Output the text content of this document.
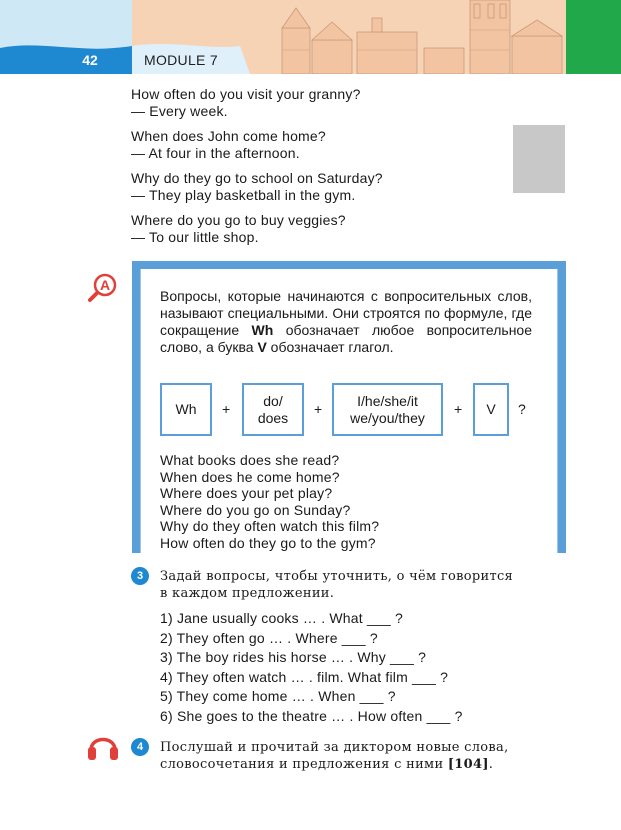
42	MODULE 7
How often do you visit your granny?
— Every week.
When does John come home?
— At four in the afternoon.
Why do they go to school on Saturday?
— They play basketball in the gym.
Where do you go to buy veggies?
— To our little shop.
A
Вопросы, которые начинаются с вопросительных слов, называют специальными. Они строятся по формуле, где сокращение Wh обозначает любое вопросительное слово, а буква V обозначает глагол.
Wh +
do/
does
+
I/he/she/it
we/you/they
+ V ?
What books does she read?
When does he come home?
Where does your pet play?
Where do you go on Sunday?
Why do they often watch this film?
How often do they go to the gym?
3	Задай вопросы, чтобы уточнить, о чём говорится
в каждом предложении.
1) Jane usually cooks … . What ___ ?
2) They often go … . Where ___ ?
3) The boy rides his horse … . Why ___ ?
4) They often watch … . film. What film ___ ?
5) They come home … . When ___ ?
6) She goes to the theatre … . How often ___ ?
4	Послушай и прочитай за диктором новые слова,
словосочетания и предложения с ними [104].
